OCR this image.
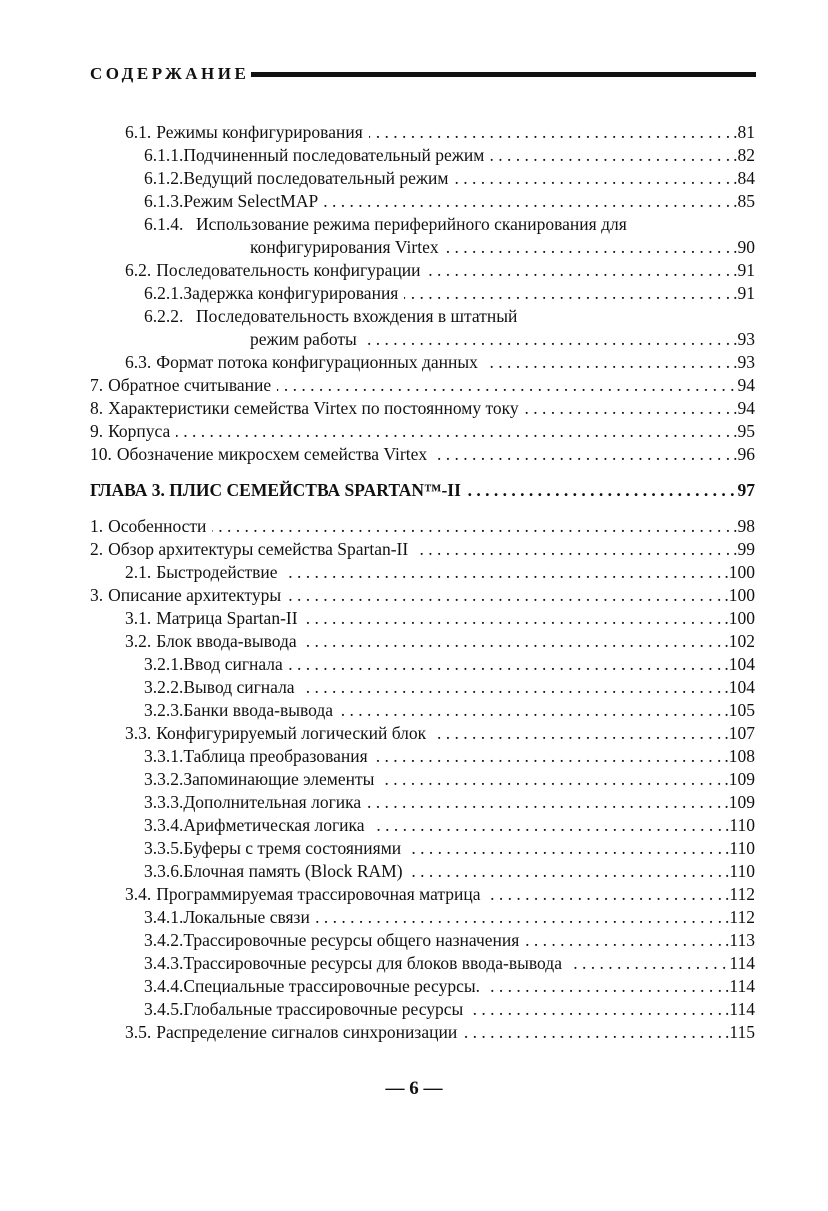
СОДЕРЖАНИЕ
6.1. Режимы конфигурирования . . .	.81
6.1.1. Подчиненный последовательный режим . . .	.82
6.1.2. Ведущий последовательный режим . . .	.84
6.1.3. Режим SelectMAP . . .	.85
6.1.4. Использование режима периферийного сканирования для
конфигурирования Virtex . . .	.90
6.2. Последовательность конфигурации . . .	.91
6.2.1. Задержка конфигурирования . . .	.91
6.2.2. Последовательность вхождения в штатный
режим работы . . .	.93
6.3. Формат потока конфигурационных данных . . .	.93
7. Обратное считывание . . .	94
8. Характеристики семейства Virtex по постоянному току . . .	.94
9. Корпуса . . .	.95
10. Обозначение микросхем семейства Virtex . . .	.96
ГЛАВА 3. ПЛИС СЕМЕЙСТВА SPARTAN™-II . . .	97
1. Особенности . . .	.98
2. Обзор архитектуры семейства Spartan-II . . .	.99
2.1. Быстродействие . . .	.100
3. Описание архитектуры . . .	.100
3.1. Матрица Spartan-II . . .	.100
3.2. Блок ввода-вывода . . .	.102
3.2.1. Ввод сигнала . . .	.104
3.2.2. Вывод сигнала . . .	.104
3.2.3. Банки ввода-вывода . . .	.105
3.3. Конфигурируемый логический блок . . .	.107
3.3.1. Таблица преобразования . . .	.108
3.3.2. Запоминающие элементы . . .	.109
3.3.3. Дополнительная логика . . .	.109
3.3.4. Арифметическая логика . . .	.110
3.3.5. Буферы с тремя состояниями . . .	.110
3.3.6. Блочная память (Block RAM) . . .	.110
3.4. Программируемая трассировочная матрица . . .	.112
3.4.1. Локальные связи . . .	.112
3.4.2. Трассировочные ресурсы общего назначения . . .	.113
3.4.3. Трассировочные ресурсы для блоков ввода-вывода . . .	114
3.4.4. Специальные трассировочные ресурсы. . . .	.114
3.4.5. Глобальные трассировочные ресурсы . . .	.114
3.5. Распределение сигналов синхронизации . . .	.115
— 6 —
